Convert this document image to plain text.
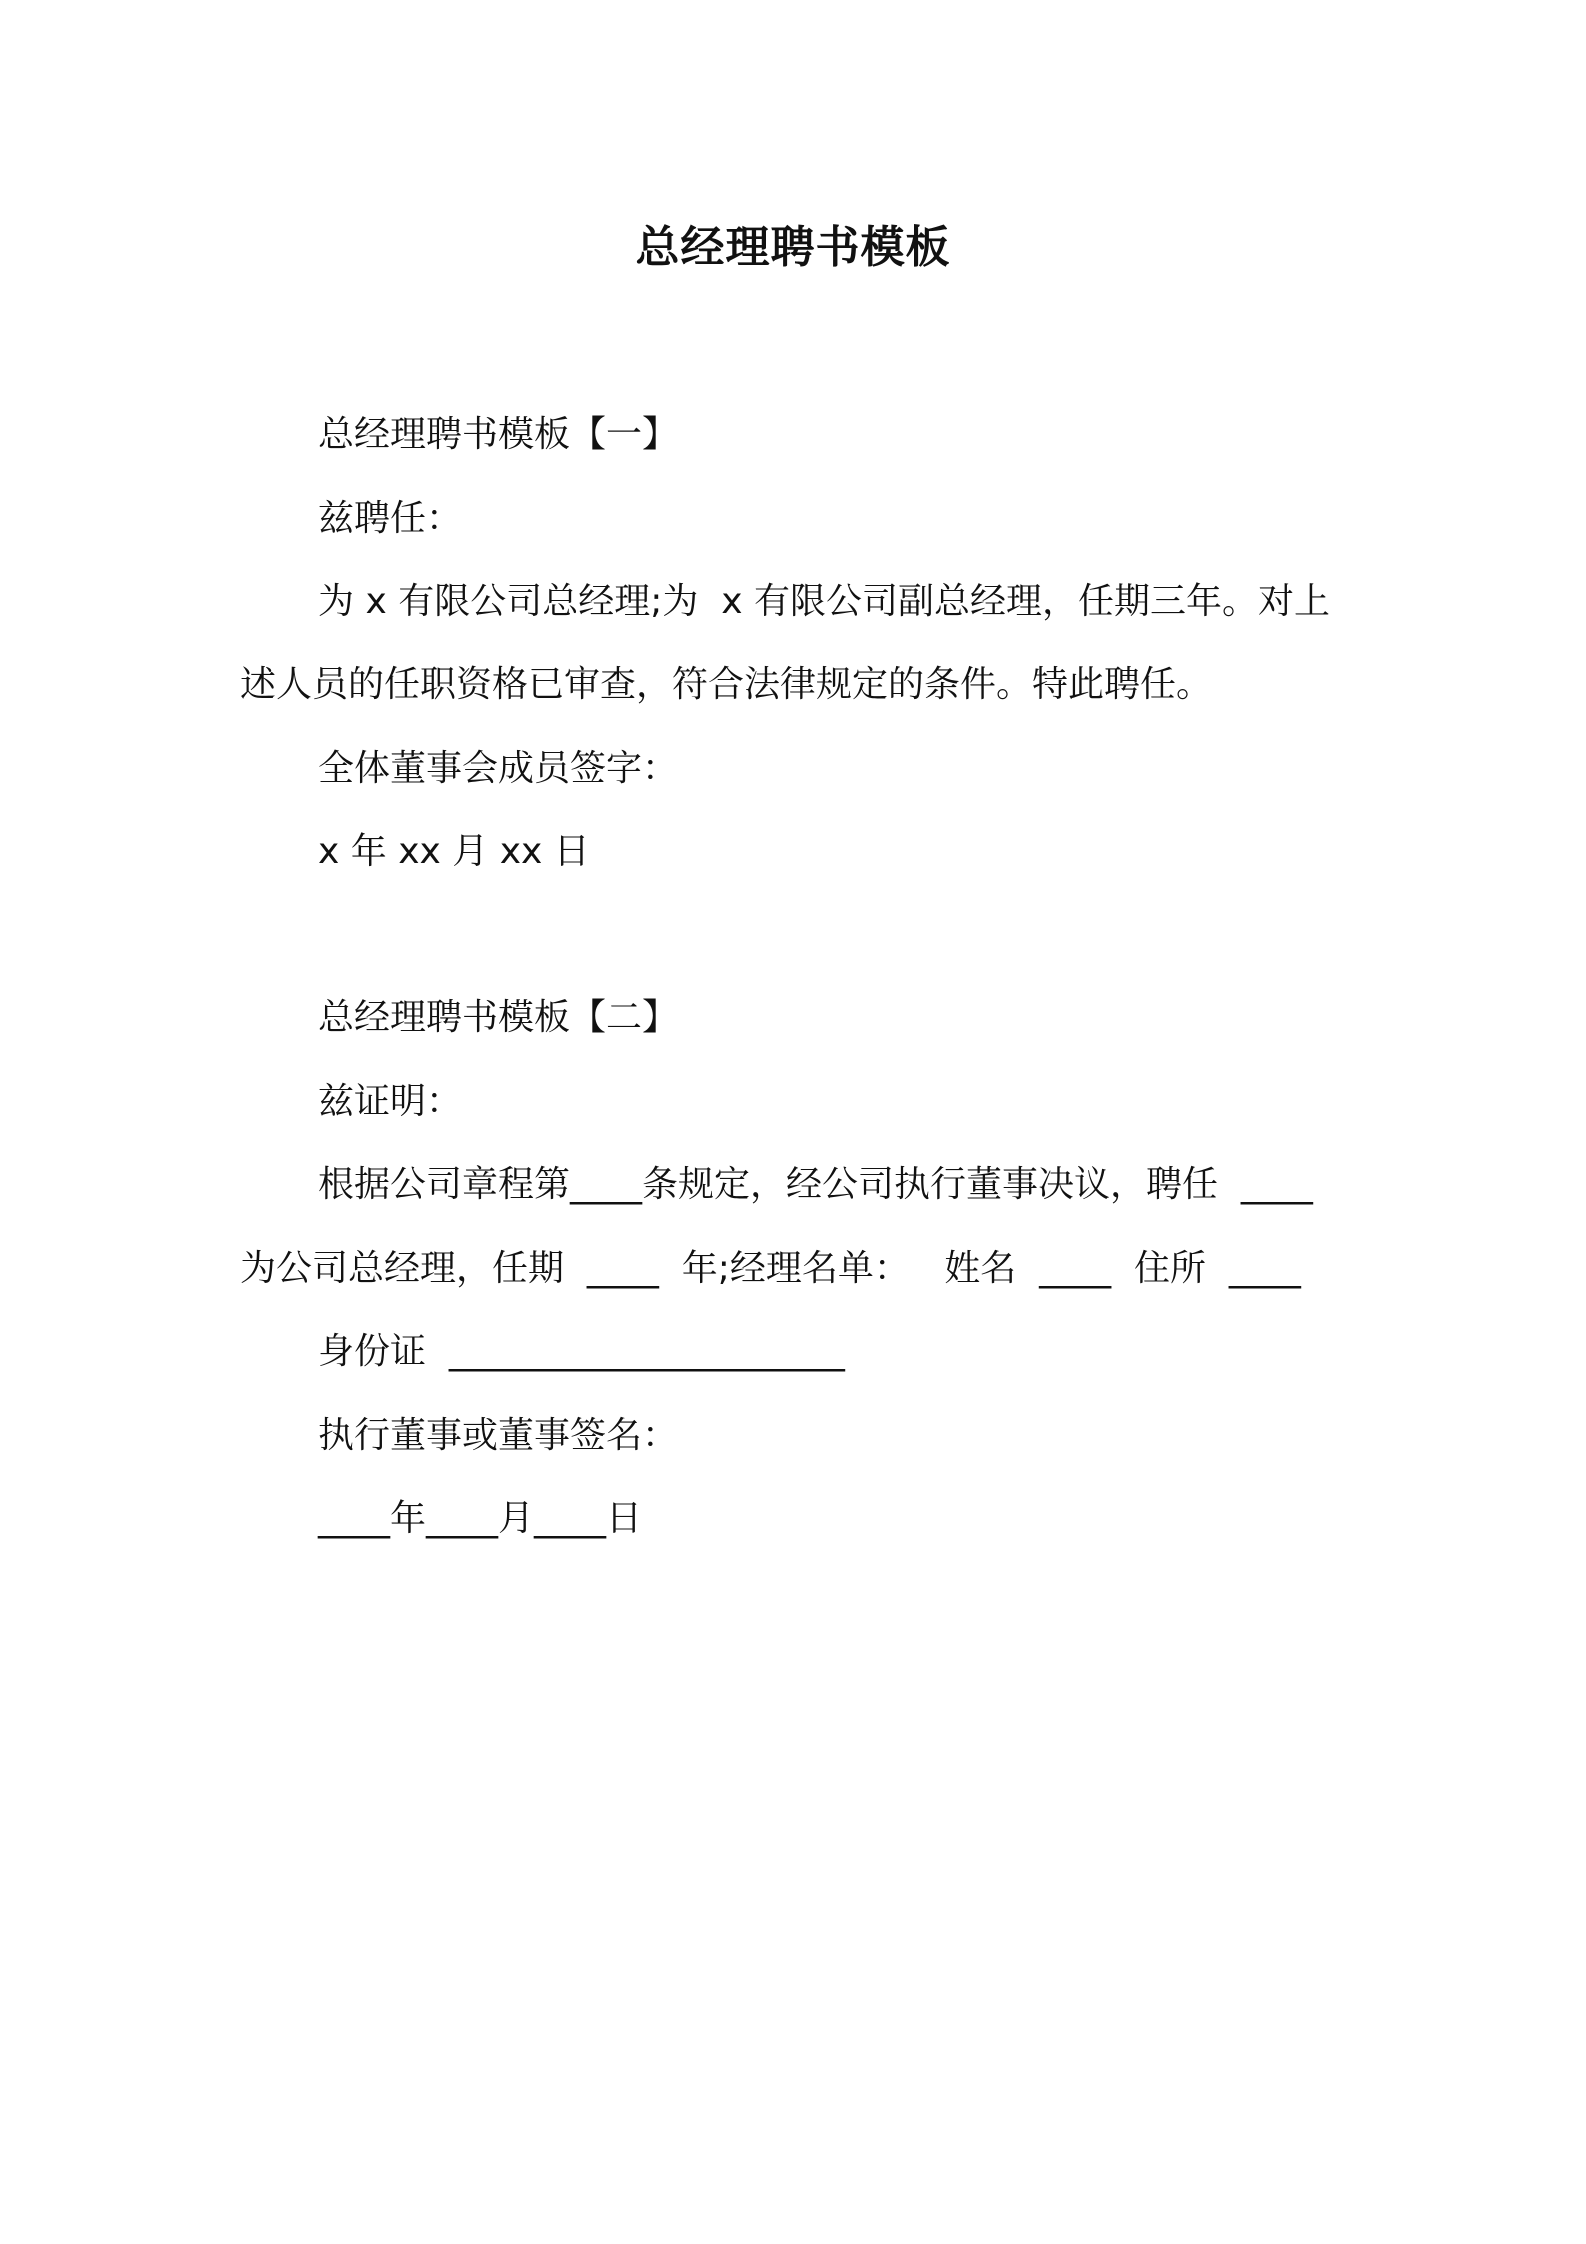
总经理聘书模板
总经理聘书模板【一】
兹聘任：
为 x 有限公司总经理;为  x 有限公司副总经理，任期三年。对上
述人员的任职资格已审查，符合法律规定的条件。特此聘任。
全体董事会成员签字：
x 年 xx 月 xx 日
总经理聘书模板【二】
兹证明：
根据公司章程第____条规定，经公司执行董事决议，聘任  ____
为公司总经理，任期  ____  年;经理名单：   姓名  ____  住所  ____
身份证  ______________________
执行董事或董事签名：
____年____月____日
